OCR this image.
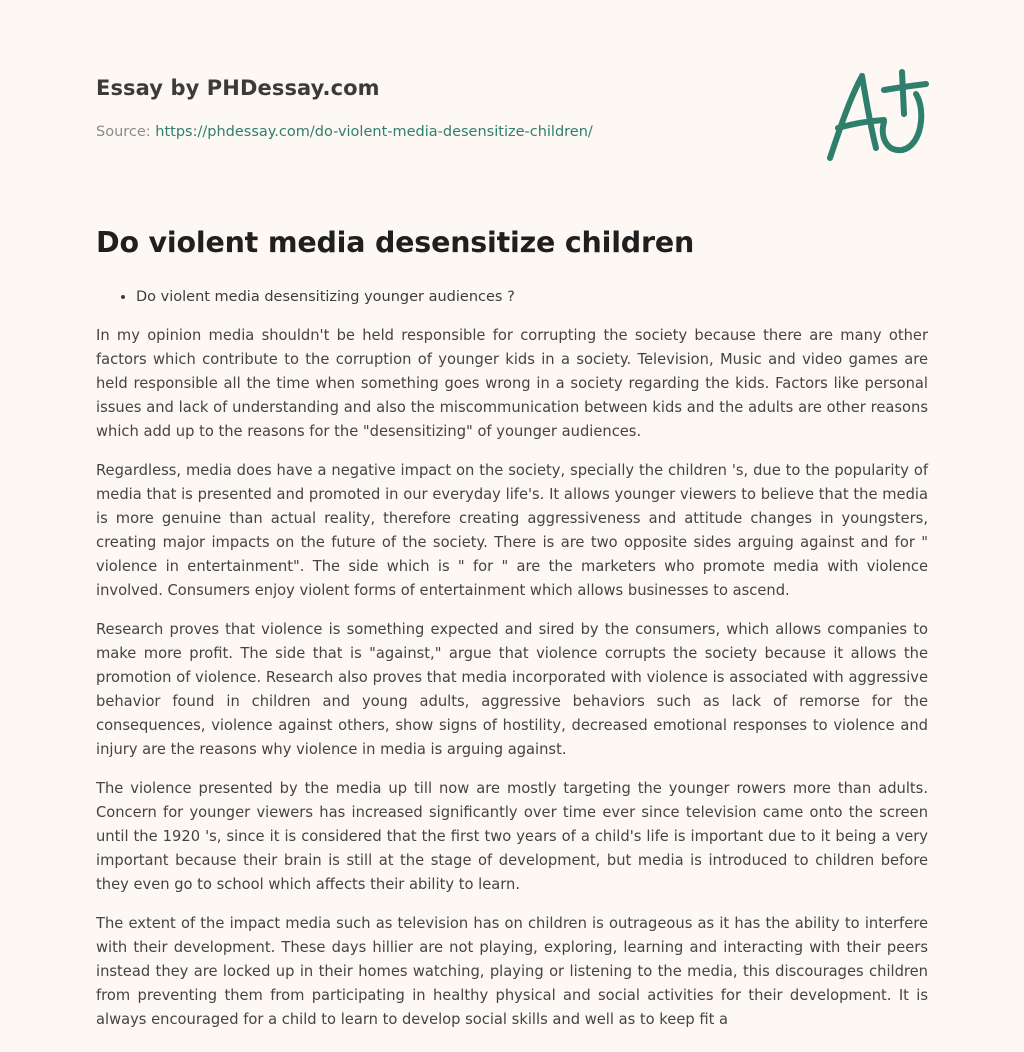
Essay by PHDessay.com
Source: https://phdessay.com/do-violent-media-desensitize-children/
Do violent media desensitize children
• Do violent media desensitizing younger audiences ?

In my opinion media shouldn't be held responsible for corrupting the society because there are many other factors which contribute to the corruption of younger kids in a society. Television, Music and video games are held responsible all the time when something goes wrong in a society regarding the kids. Factors like personal issues and lack of understanding and also the miscommunication between kids and the adults are other reasons which add up to the reasons for the "desensitizing" of younger audiences.

Regardless, media does have a negative impact on the society, specially the children 's, due to the popularity of media that is presented and promoted in our everyday life's. It allows younger viewers to believe that the media is more genuine than actual reality, therefore creating aggressiveness and attitude changes in youngsters, creating major impacts on the future of the society. There is are two opposite sides arguing against and for " violence in entertainment". The side which is " for " are the marketers who promote media with violence involved. Consumers enjoy violent forms of entertainment which allows businesses to ascend.

Research proves that violence is something expected and sired by the consumers, which allows companies to make more profit. The side that is "against," argue that violence corrupts the society because it allows the promotion of violence. Research also proves that media incorporated with violence is associated with aggressive behavior found in children and young adults, aggressive behaviors such as lack of remorse for the consequences, violence against others, show signs of hostility, decreased emotional responses to violence and injury are the reasons why violence in media is arguing against.

The violence presented by the media up till now are mostly targeting the younger rowers more than adults. Concern for younger viewers has increased significantly over time ever since television came onto the screen until the 1920 's, since it is considered that the first two years of a child's life is important due to it being a very important because their brain is still at the stage of development, but media is introduced to children before they even go to school which affects their ability to learn.

The extent of the impact media such as television has on children is outrageous as it has the ability to interfere with their development. These days hillier are not playing, exploring, learning and interacting with their peers instead they are locked up in their homes watching, playing or listening to the media, this discourages children from preventing them from participating in healthy physical and social activities for their development. It is always encouraged for a child to learn to develop social skills and well as to keep fit a
